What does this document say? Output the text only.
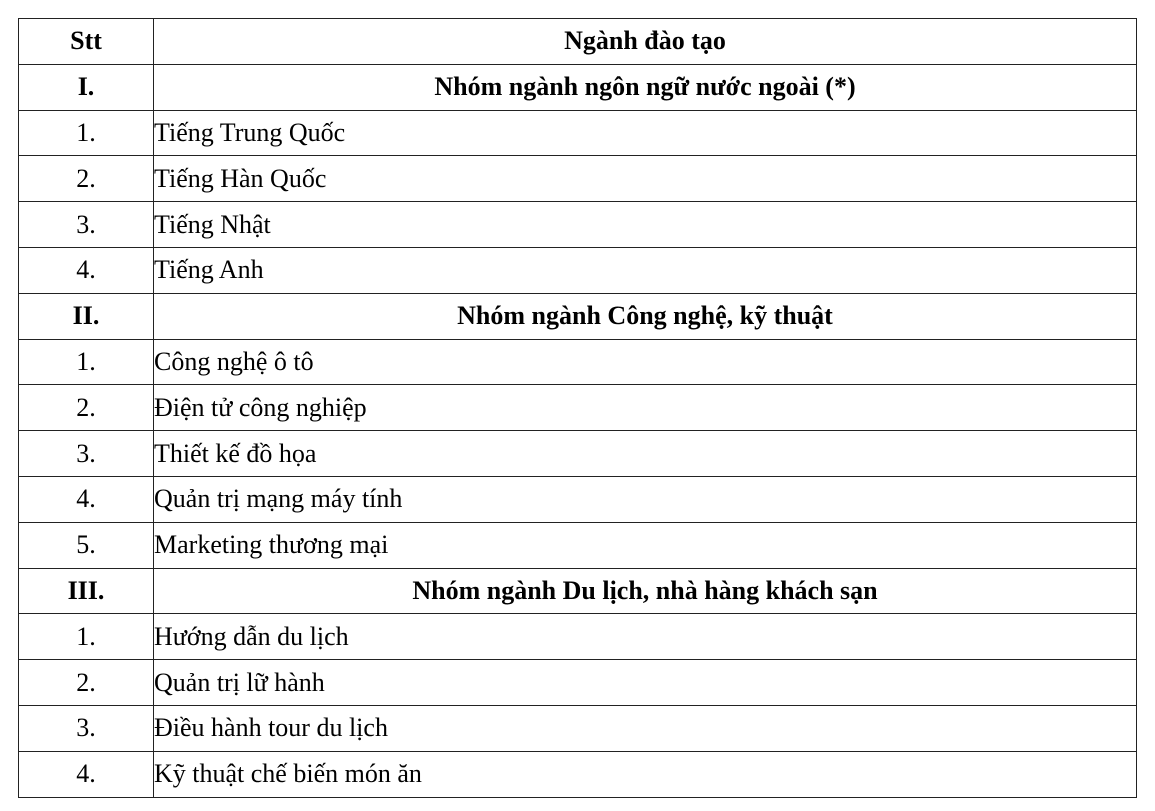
Stt	Ngành đào tạo
I.	Nhóm ngành ngôn ngữ nước ngoài (*)
1.	Tiếng Trung Quốc
2.	Tiếng Hàn Quốc
3.	Tiếng Nhật
4.	Tiếng Anh
II.	Nhóm ngành Công nghệ, kỹ thuật
1.	Công nghệ ô tô
2.	Điện tử công nghiệp
3.	Thiết kế đồ họa
4.	Quản trị mạng máy tính
5.	Marketing thương mại
III.	Nhóm ngành Du lịch, nhà hàng khách sạn
1.	Hướng dẫn du lịch
2.	Quản trị lữ hành
3.	Điều hành tour du lịch
4.	Kỹ thuật chế biến món ăn
